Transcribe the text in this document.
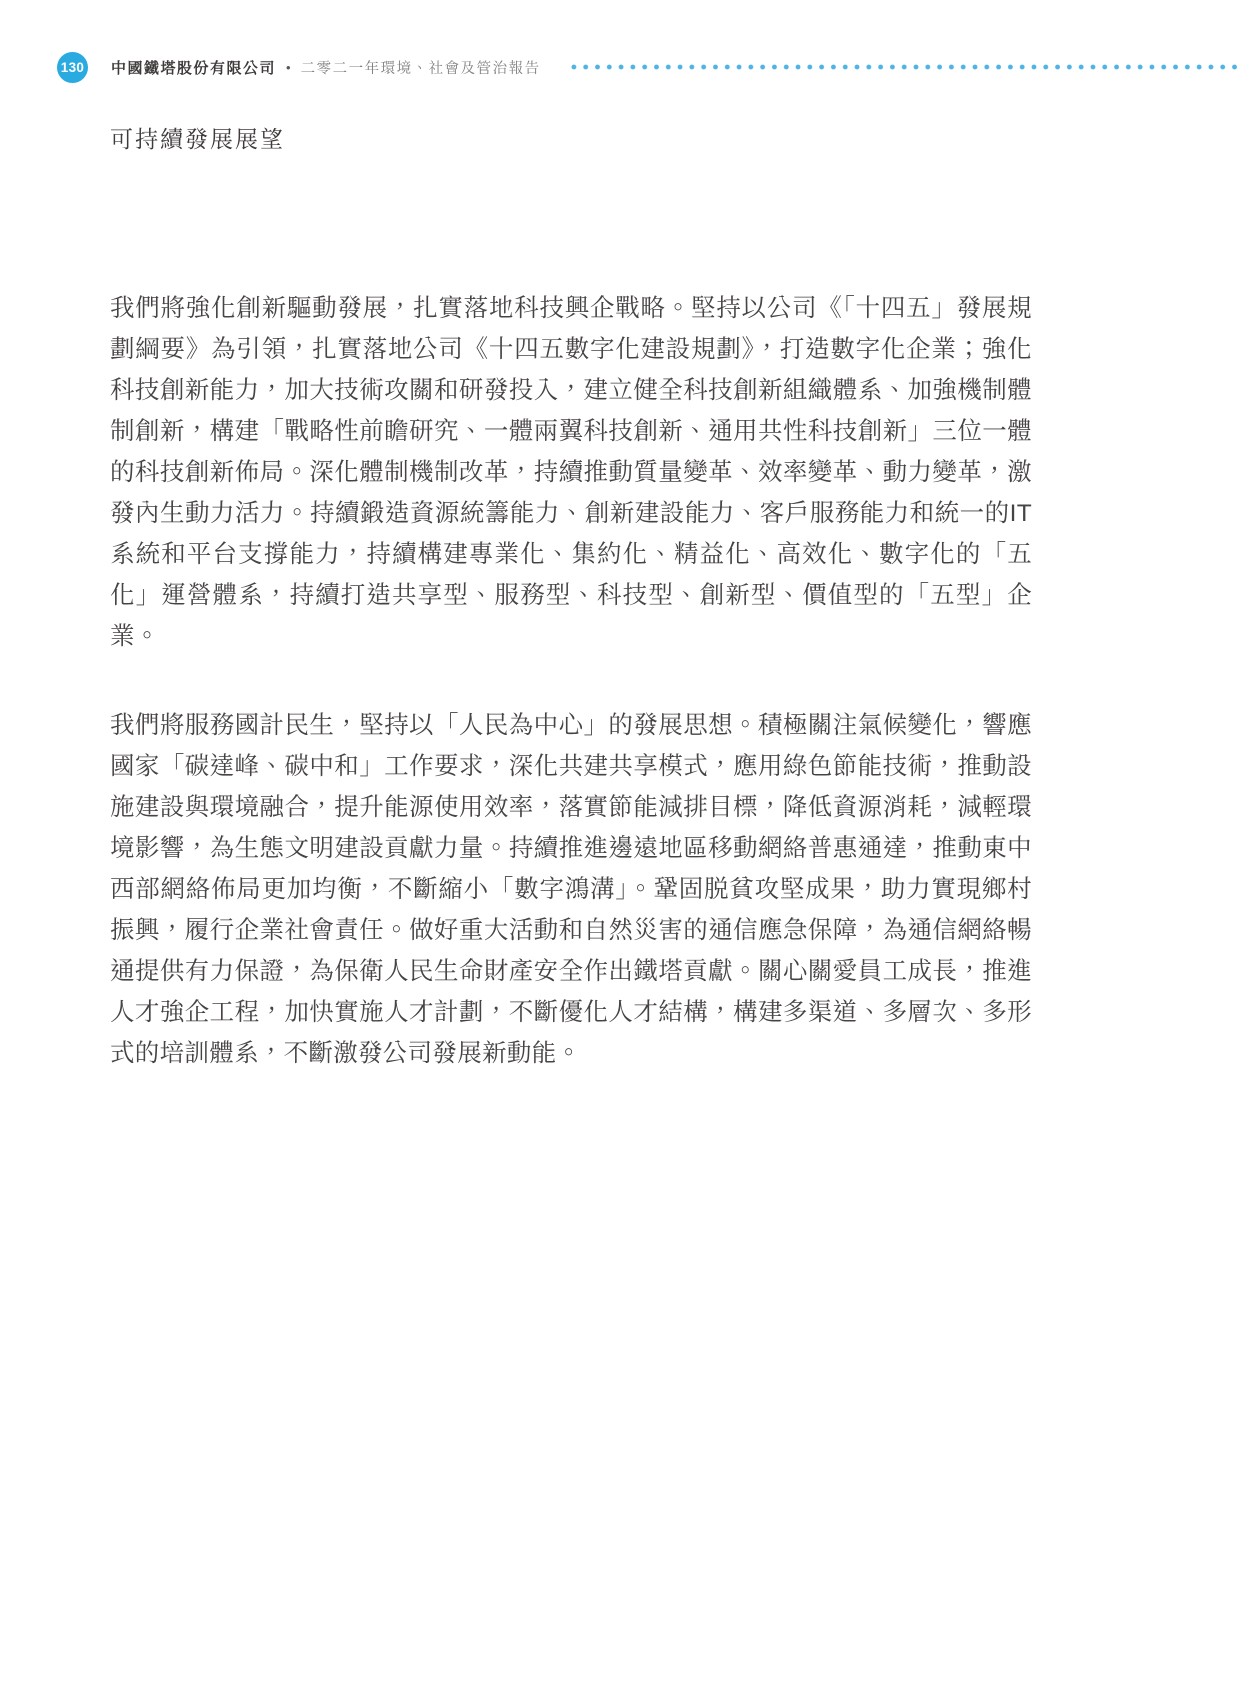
130 中國鐵塔股份有限公司 • 二零二一年環境、社會及管治報告
可持續發展展望

我們將強化創新驅動發展，扎實落地科技興企戰略。堅持以公司《「十四五」發展規劃綱要》為引領，扎實落地公司《十四五數字化建設規劃》，打造數字化企業；強化科技創新能力，加大技術攻關和研發投入，建立健全科技創新組織體系、加強機制體制創新，構建「戰略性前瞻研究、一體兩翼科技創新、通用共性科技創新」三位一體的科技創新佈局。深化體制機制改革，持續推動質量變革、效率變革、動力變革，激發內生動力活力。持續鍛造資源統籌能力、創新建設能力、客戶服務能力和統一的IT系統和平台支撐能力，持續構建專業化、集約化、精益化、高效化、數字化的「五化」運營體系，持續打造共享型、服務型、科技型、創新型、價值型的「五型」企業。

我們將服務國計民生，堅持以「人民為中心」的發展思想。積極關注氣候變化，響應國家「碳達峰、碳中和」工作要求，深化共建共享模式，應用綠色節能技術，推動設施建設與環境融合，提升能源使用效率，落實節能減排目標，降低資源消耗，減輕環境影響，為生態文明建設貢獻力量。持續推進邊遠地區移動網絡普惠通達，推動東中西部網絡佈局更加均衡，不斷縮小「數字鴻溝」。鞏固脱貧攻堅成果，助力實現鄉村振興，履行企業社會責任。做好重大活動和自然災害的通信應急保障，為通信網絡暢通提供有力保證，為保衛人民生命財產安全作出鐵塔貢獻。關心關愛員工成長，推進人才強企工程，加快實施人才計劃，不斷優化人才結構，構建多渠道、多層次、多形式的培訓體系，不斷激發公司發展新動能。
